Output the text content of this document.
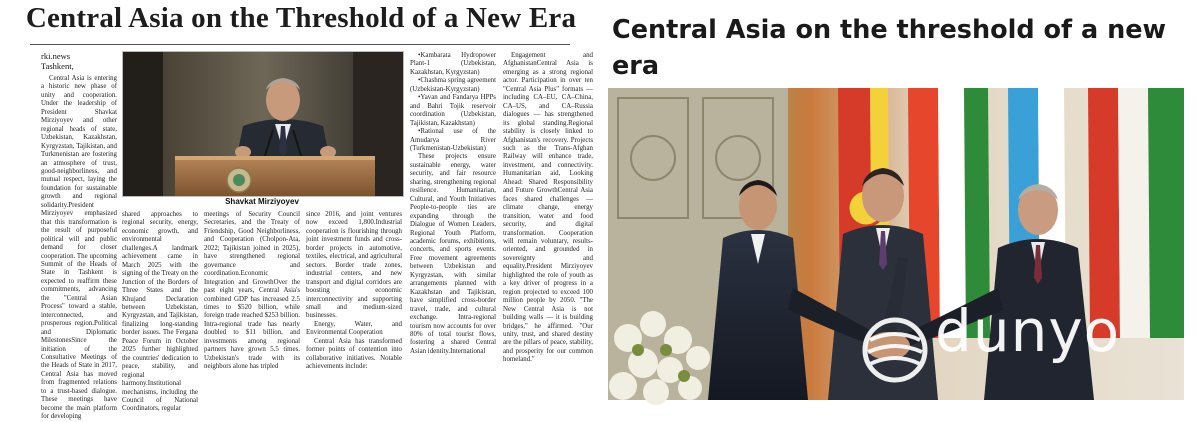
Central Asia on the Threshold of a New Era
rki.news
Tashkent,

Central Asia is entering a historic new phase of unity and cooperation. Under the leadership of President Shavkat Mirziyoyev and other regional heads of state, Uzbekistan, Kazakhstan, Kyrgyzstan, Tajikistan, and Turkmenistan are fostering an atmosphere of trust, good-neighborliness, and mutual respect, laying the foundation for sustainable growth and regional solidarity.President Mirziyoyev emphasized that this transformation is the result of purposeful political will and public demand for closer cooperation. The upcoming Summit of the Heads of State in Tashkent is expected to reaffirm these commitments, advancing the "Central Asian Process" toward a stable, interconnected, and prosperous region.Political and Diplomatic MilestonesSince the initiation of the Consultative Meetings of the Heads of State in 2017, Central Asia has moved from fragmented relations to a trust-based dialogue. These meetings have become the main platform for developing

Shavkat Mirziyoyev

shared approaches to regional security, energy, economic growth, and environmental challenges.A landmark achievement came in March 2025 with the signing of the Treaty on the Junction of the Borders of Three States and the Khujand Declaration between Uzbekistan, Kyrgyzstan, and Tajikistan, finalizing long-standing border issues. The Fergana Peace Forum in October 2025 further highlighted the countries' dedication to peace, stability, and regional harmony.Institutional mechanisms, including the Council of National Coordinators, regular

meetings of Security Council Secretaries, and the Treaty of Friendship, Good Neighborliness, and Cooperation (Cholpon-Ata, 2022; Tajikistan joined in 2025), have strengthened regional governance and coordination.Economic Integration and GrowthOver the past eight years, Central Asia's combined GDP has increased 2.5 times to $520 billion, while foreign trade reached $253 billion. Intra-regional trade has nearly doubled to $11 billion, and investments among regional partners have grown 5.5 times. Uzbekistan's trade with its neighbors alone has tripled

since 2016, and joint ventures now exceed 1,800.Industrial cooperation is flourishing through joint investment funds and cross-border projects in automotive, textiles, electrical, and agricultural sectors. Border trade zones, industrial centers, and new transport and digital corridors are boosting economic interconnectivity and supporting small and medium-sized businesses.

Energy, Water, and Environmental Cooperation

Central Asia has transformed former points of contention into collaborative initiatives. Notable achievements include:

•Kambarata Hydropower Plant-1 (Uzbekistan, Kazakhstan, Kyrgyzstan)

•Chashma spring agreement (Uzbekistan-Kyrgyzstan)

•Yavan and Fandarya HPPs and Bahri Tojik reservoir coordination (Uzbekistan, Tajikistan, Kazakhstan)

•Rational use of the Amudarya River (Turkmenistan-Uzbekistan)

These projects ensure sustainable energy, water security, and fair resource sharing, strengthening regional resilience. Humanitarian, Cultural, and Youth Initiatives People-to-people ties are expanding through the Dialogue of Women Leaders, Regional Youth Platform, academic forums, exhibitions, concerts, and sports events. Free movement agreements between Uzbekistan and Kyrgyzstan, with similar arrangements planned with Kazakhstan and Tajikistan, have simplified cross-border travel, trade, and cultural exchange. Intra-regional tourism now accounts for over 80% of total tourist flows, fostering a shared Central Asian identity.International

Engagement and AfghanistanCentral Asia is emerging as a strong regional actor. Participation in over ten "Central Asia Plus" formats — including CA–EU, CA–China, CA–US, and CA–Russia dialogues — has strengthened its global standing.Regional stability is closely linked to Afghanistan's recovery. Projects such as the Trans-Afghan Railway will enhance trade, investment, and connectivity. Humanitarian aid, Looking Ahead: Shared Responsibility and Future GrowthCentral Asia faces shared challenges — climate change, energy transition, water and food security, and digital transformation. Cooperation will remain voluntary, results-oriented, and grounded in sovereignty and equality.President Mirziyoyev highlighted the role of youth as a key driver of progress in a region projected to exceed 100 million people by 2050. "The New Central Asia is not building walls — it is building bridges," he affirmed. "Our unity, trust, and shared destiny are the pillars of peace, stability, and prosperity for our common homeland."

Central Asia on the threshold of a new era
dunyo
